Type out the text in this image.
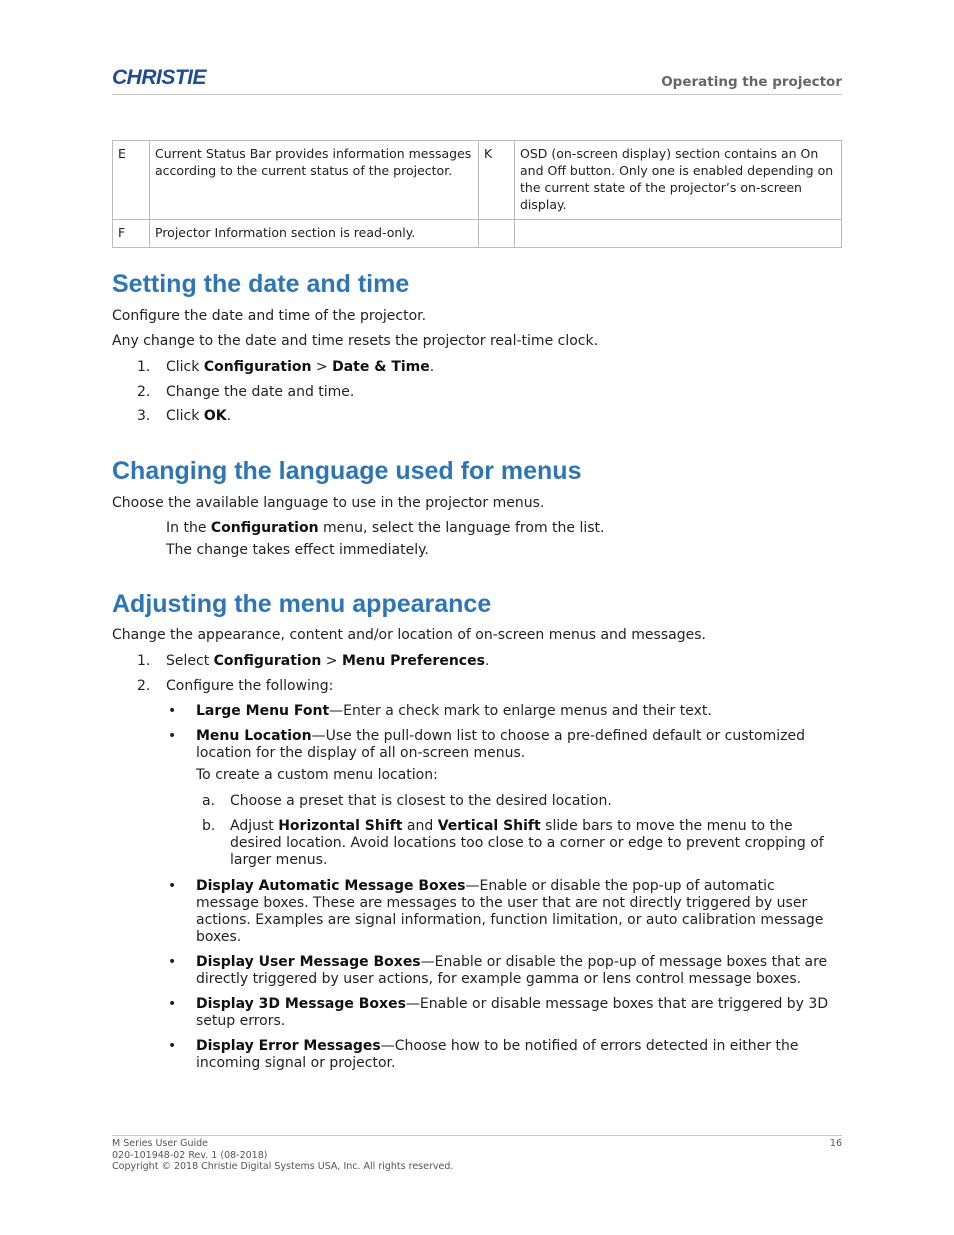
CHRISTIE	Operating the projector
E	Current Status Bar provides information messages according to the current status of the projector.	K	OSD (on-screen display) section contains an On and Off button. Only one is enabled depending on the current state of the projector’s on-screen display.
F	Projector Information section is read-only.		
Setting the date and time

Configure the date and time of the projector.

Any change to the date and time resets the projector real-time clock.

1. Click Configuration > Date & Time.
2. Change the date and time.
3. Click OK.
Changing the language used for menus

Choose the available language to use in the projector menus.

In the Configuration menu, select the language from the list.

The change takes effect immediately.

Adjusting the menu appearance

Change the appearance, content and/or location of on-screen menus and messages.

1. Select Configuration > Menu Preferences.
2. Configure the following:
• Large Menu Font—Enter a check mark to enlarge menus and their text.
• Menu Location—Use the pull-down list to choose a pre-defined default or customized location for the display of all on-screen menus.
To create a custom menu location:
a. Choose a preset that is closest to the desired location.
b. Adjust Horizontal Shift and Vertical Shift slide bars to move the menu to the desired location. Avoid locations too close to a corner or edge to prevent cropping of larger menus.
• Display Automatic Message Boxes—Enable or disable the pop-up of automatic message boxes. These are messages to the user that are not directly triggered by user actions. Examples are signal information, function limitation, or auto calibration message boxes.
• Display User Message Boxes—Enable or disable the pop-up of message boxes that are directly triggered by user actions, for example gamma or lens control message boxes.
• Display 3D Message Boxes—Enable or disable message boxes that are triggered by 3D setup errors.
• Display Error Messages—Choose how to be notified of errors detected in either the incoming signal or projector.
M Series User Guide
020-101948-02 Rev. 1 (08-2018)
Copyright © 2018 Christie Digital Systems USA, Inc. All rights reserved.
16
